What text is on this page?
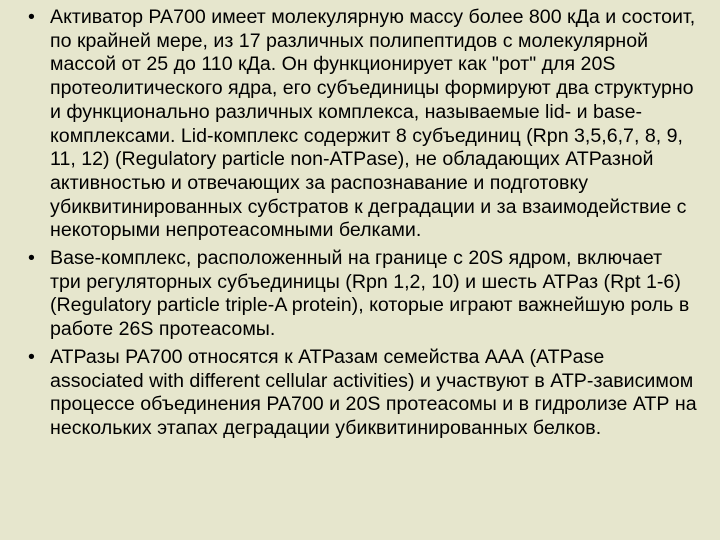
• Активатор PA700 имеет молекулярную массу более 800 кДа и состоит, по крайней мере, из 17 различных полипептидов с молекулярной массой от 25 до 110 кДа. Он функционирует как "рот" для 20S протеолитического ядра, его субъединицы формируют два структурно и функционально различных комплекса, называемые lid- и base-комплексами. Lid-комплекс содержит 8 субъединиц (Rpn 3,5,6,7, 8, 9, 11, 12) (Regulatory particle non-ATPase), не обладающих АТРазной активностью и отвечающих за распознавание и подготовку убиквитинированных субстратов к деградации и за взаимодействие с некоторыми непротеасомными белками.
• Base-комплекс, расположенный на границе с 20S ядром, включает три регуляторных субъединицы (Rpn 1,2, 10) и шесть АТРаз (Rpt 1-6) (Regulatory particle triple-A protein), которые играют важнейшую роль в работе 26S протеасомы.
• АТРазы PA700 относятся к АТРазам семейства ААА (ATPase associated with different cellular activities) и участвуют в АТР-зависимом процессе объединения PA700 и 20S протеасомы и в гидролизе АТР на нескольких этапах деградации убиквитинированных белков.
